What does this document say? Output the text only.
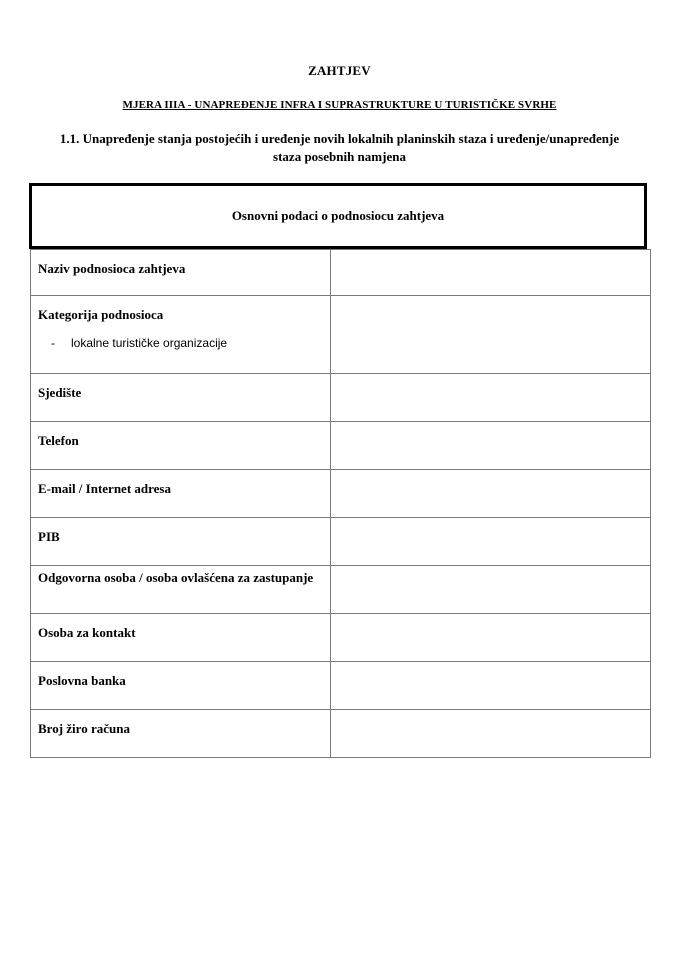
ZAHTJEV
MJERA IIIA - UNAPREĐENJE INFRA I SUPRASTRUKTURE U TURISTIČKE SVRHE
1.1. Unapređenje stanja postojećih i uređenje novih lokalnih planinskih staza i uređenje/unapređenje
staza posebnih namjena
Osnovni podaci o podnosiocu zahtjeva
Naziv podnosioca zahtjeva	

Kategorija podnosioca
- lokalne turističke organizacije	

Sjedište	

Telefon	

E-mail / Internet adresa	

PIB	

Odgovorna osoba / osoba ovlašćena za zastupanje	

Osoba za kontakt	

Poslovna banka	

Broj žiro računa	
